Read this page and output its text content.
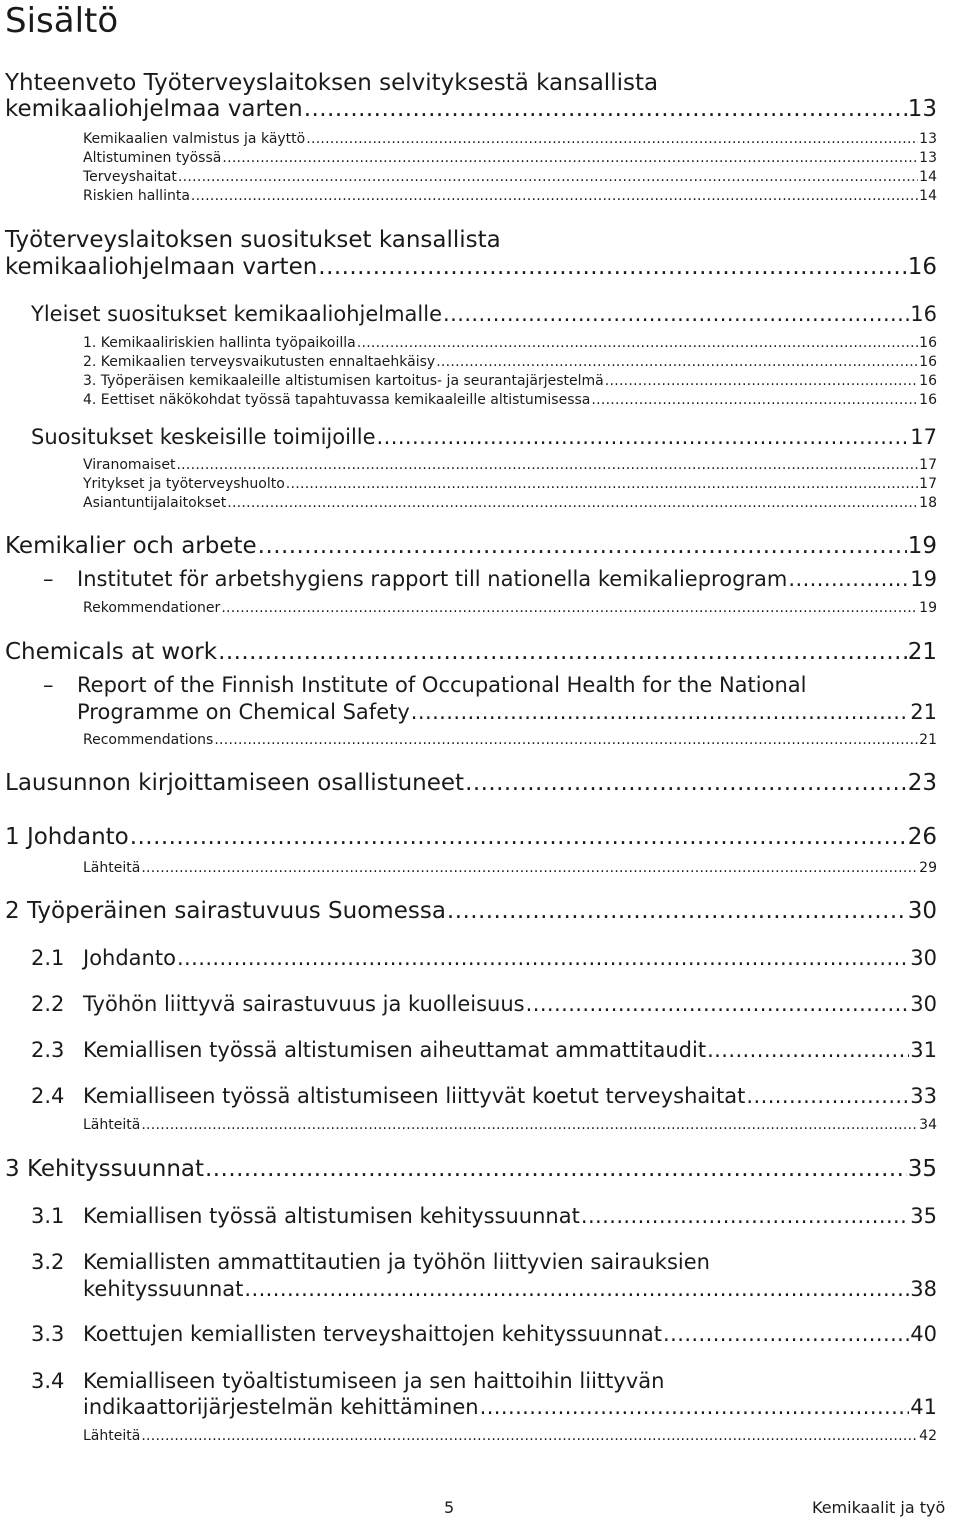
Sisältö
Yhteenveto Työterveyslaitoksen selvityksestä kansallista
kemikaaliohjelmaa varten .....	13
Kemikaalien valmistus ja käyttö .....	13
Altistuminen työssä .....	13
Terveyshaitat .....	14
Riskien hallinta .....	14
Työterveyslaitoksen suositukset kansallista
kemikaaliohjelmaan varten .....	16
Yleiset suositukset kemikaaliohjelmalle .....	16
1. Kemikaaliriskien hallinta työpaikoilla .....	16
2. Kemikaalien terveysvaikutusten ennaltaehkäisy .....	16
3. Työperäisen kemikaaleille altistumisen kartoitus- ja seurantajärjestelmä .....	16
4. Eettiset näkökohdat työssä tapahtuvassa kemikaaleille altistumisessa .....	16
Suositukset keskeisille toimijoille .....	17
Viranomaiset .....	17
Yritykset ja työterveyshuolto .....	17
Asiantuntijalaitokset .....	18
Kemikalier och arbete .....	19
– Institutet för arbetshygiens rapport till nationella kemikalieprogram .....	19
Rekommendationer .....	19
Chemicals at work .....	21
– Report of the Finnish Institute of Occupational Health for the National
Programme on Chemical Safety .....	21
Recommendations .....	21
Lausunnon kirjoittamiseen osallistuneet .....	23
1 Johdanto .....	26
Lähteitä .....	29
2 Työperäinen sairastuvuus Suomessa .....	30
2.1 Johdanto .....	30
2.2 Työhön liittyvä sairastuvuus ja kuolleisuus .....	30
2.3 Kemiallisen työssä altistumisen aiheuttamat ammattitaudit .....	31
2.4 Kemialliseen työssä altistumiseen liittyvät koetut terveyshaitat .....	33
Lähteitä .....	34
3 Kehityssuunnat .....	35
3.1 Kemiallisen työssä altistumisen kehityssuunnat .....	35
3.2 Kemiallisten ammattitautien ja työhön liittyvien sairauksien
kehityssuunnat .....	38
3.3 Koettujen kemiallisten terveyshaittojen kehityssuunnat .....	40
3.4 Kemialliseen työaltistumiseen ja sen haittoihin liittyvän
indikaattorijärjestelmän kehittäminen .....	41
Lähteitä .....	42
5	Kemikaalit ja työ
